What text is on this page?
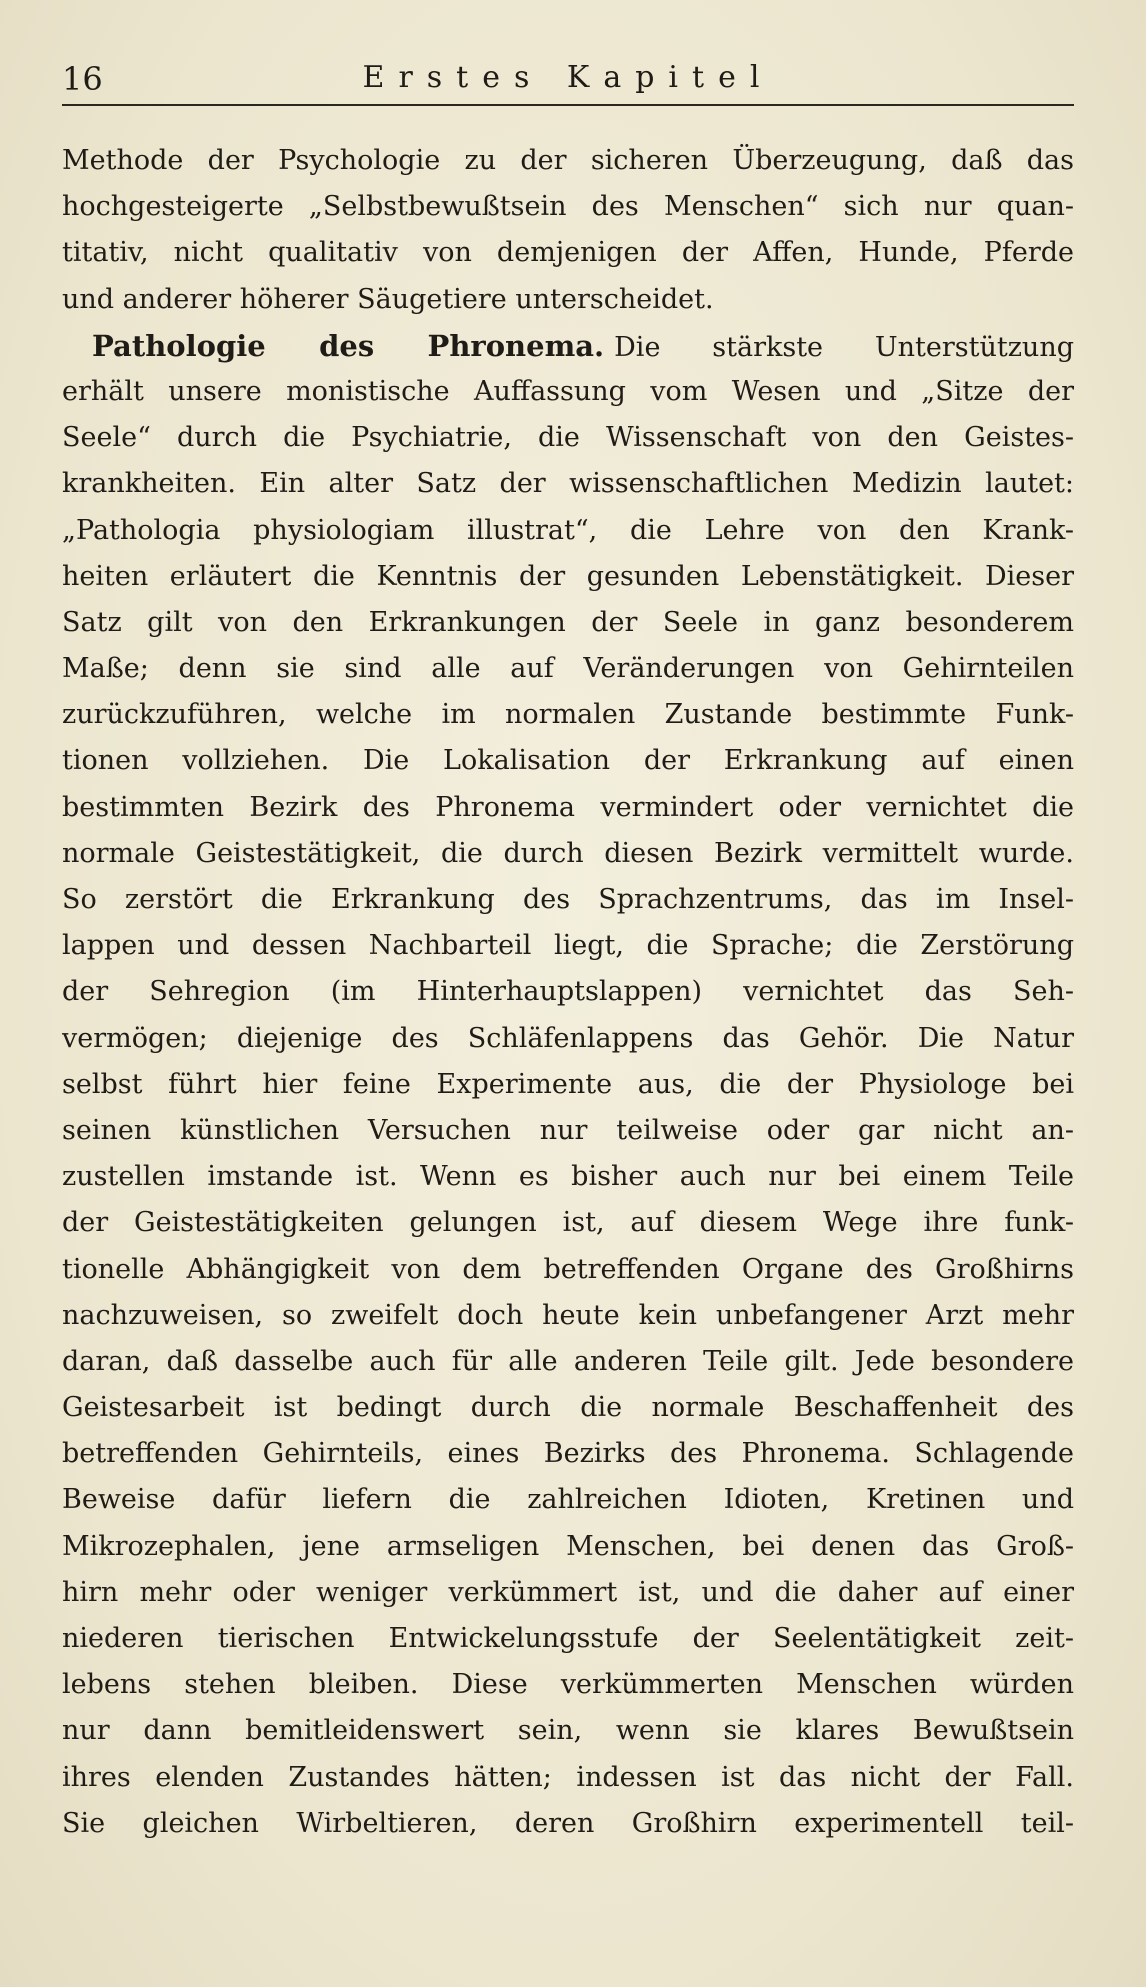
16	Erstes Kapitel
Methode der Psychologie zu der sicheren Überzeugung, daß das
hochgesteigerte „Selbstbewußtsein des Menschen“ sich nur quan-
titativ, nicht qualitativ von demjenigen der Affen, Hunde, Pferde
und anderer höherer Säugetiere unterscheidet.
Pathologie des Phronema. Die stärkste Unterstützung
erhält unsere monistische Auffassung vom Wesen und „Sitze der
Seele“ durch die Psychiatrie, die Wissenschaft von den Geistes-
krankheiten. Ein alter Satz der wissenschaftlichen Medizin lautet:
„Pathologia physiologiam illustrat“, die Lehre von den Krank-
heiten erläutert die Kenntnis der gesunden Lebenstätigkeit. Dieser
Satz gilt von den Erkrankungen der Seele in ganz besonderem
Maße; denn sie sind alle auf Veränderungen von Gehirnteilen
zurückzuführen, welche im normalen Zustande bestimmte Funk-
tionen vollziehen. Die Lokalisation der Erkrankung auf einen
bestimmten Bezirk des Phronema vermindert oder vernichtet die
normale Geistestätigkeit, die durch diesen Bezirk vermittelt wurde.
So zerstört die Erkrankung des Sprachzentrums, das im Insel-
lappen und dessen Nachbarteil liegt, die Sprache; die Zerstörung
der Sehregion (im Hinterhauptslappen) vernichtet das Seh-
vermögen; diejenige des Schläfenlappens das Gehör. Die Natur
selbst führt hier feine Experimente aus, die der Physiologe bei
seinen künstlichen Versuchen nur teilweise oder gar nicht an-
zustellen imstande ist. Wenn es bisher auch nur bei einem Teile
der Geistestätigkeiten gelungen ist, auf diesem Wege ihre funk-
tionelle Abhängigkeit von dem betreffenden Organe des Großhirns
nachzuweisen, so zweifelt doch heute kein unbefangener Arzt mehr
daran, daß dasselbe auch für alle anderen Teile gilt. Jede besondere
Geistesarbeit ist bedingt durch die normale Beschaffenheit des
betreffenden Gehirnteils, eines Bezirks des Phronema. Schlagende
Beweise dafür liefern die zahlreichen Idioten, Kretinen und
Mikrozephalen, jene armseligen Menschen, bei denen das Groß-
hirn mehr oder weniger verkümmert ist, und die daher auf einer
niederen tierischen Entwickelungsstufe der Seelentätigkeit zeit-
lebens stehen bleiben. Diese verkümmerten Menschen würden
nur dann bemitleidenswert sein, wenn sie klares Bewußtsein
ihres elenden Zustandes hätten; indessen ist das nicht der Fall.
Sie gleichen Wirbeltieren, deren Großhirn experimentell teil-
